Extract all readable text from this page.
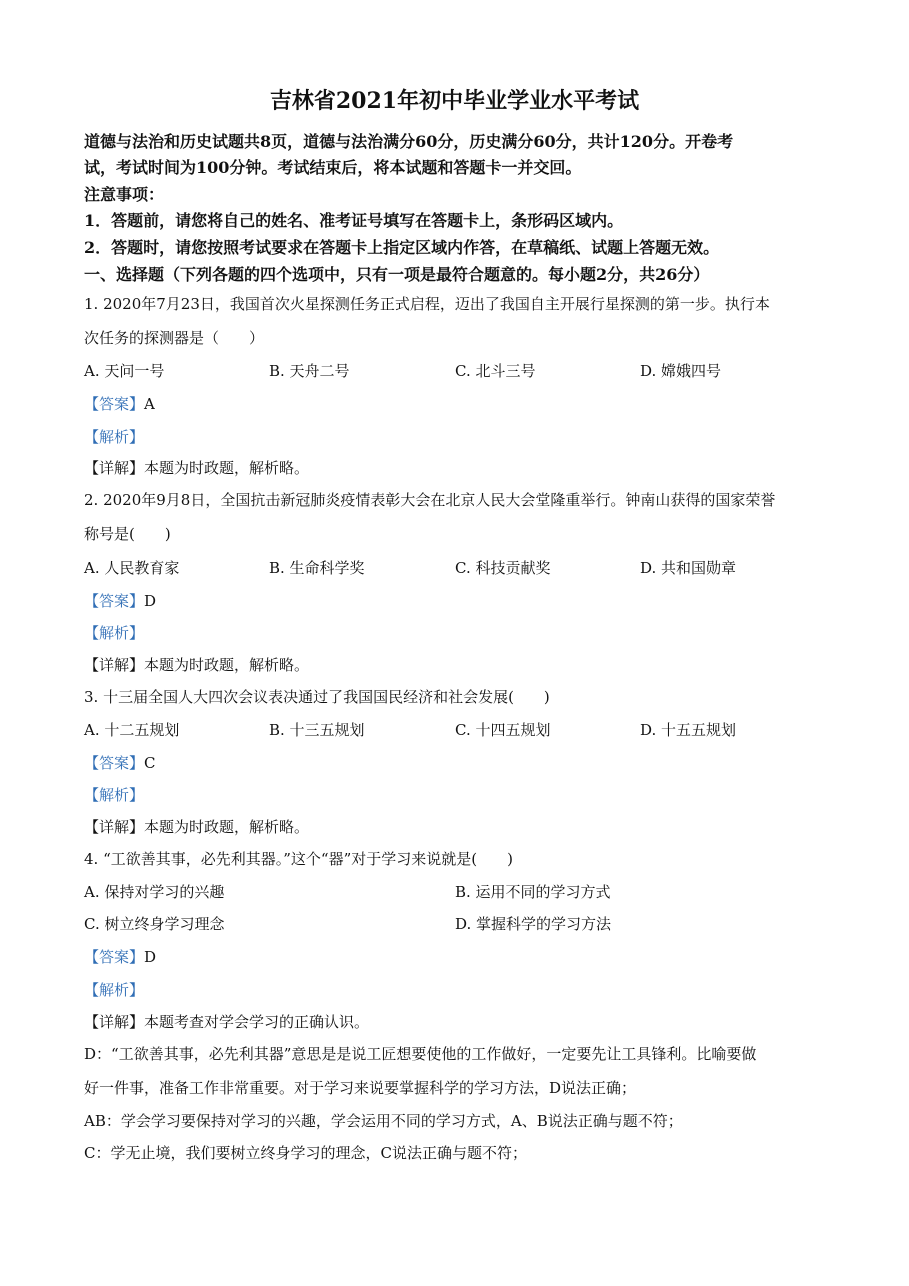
吉林省2021年初中毕业学业水平考试
道德与法治和历史试题共8页，道德与法治满分60分，历史满分60分，共计120分。开卷考
试，考试时间为100分钟。考试结束后，将本试题和答题卡一并交回。
注意事项：
1．答题前，请您将自己的姓名、准考证号填写在答题卡上，条形码区域内。
2．答题时，请您按照考试要求在答题卡上指定区域内作答，在草稿纸、试题上答题无效。
一、选择题（下列各题的四个选项中，只有一项是最符合题意的。每小题2分，共26分）
1. 2020年7月23日，我国首次火星探测任务正式启程，迈出了我国自主开展行星探测的第一步。执行本
次任务的探测器是（　　）
A. 天问一号	B. 天舟二号	C. 北斗三号	D. 嫦娥四号
【答案】A
【解析】
【详解】本题为时政题，解析略。
2. 2020年9月8日，全国抗击新冠肺炎疫情表彰大会在北京人民大会堂隆重举行。钟南山获得的国家荣誉
称号是(　　)
A. 人民教育家	B. 生命科学奖	C. 科技贡献奖	D. 共和国勋章
【答案】D
【解析】
【详解】本题为时政题，解析略。
3. 十三届全国人大四次会议表决通过了我国国民经济和社会发展(　　)
A. 十二五规划	B. 十三五规划	C. 十四五规划	D. 十五五规划
【答案】C
【解析】
【详解】本题为时政题，解析略。
4. “工欲善其事，必先利其器。”这个“器”对于学习来说就是(　　)
A. 保持对学习的兴趣	B. 运用不同的学习方式
C. 树立终身学习理念	D. 掌握科学的学习方法
【答案】D
【解析】
【详解】本题考查对学会学习的正确认识。
D：“工欲善其事，必先利其器”意思是是说工匠想要使他的工作做好，一定要先让工具锋利。比喻要做
好一件事，准备工作非常重要。对于学习来说要掌握科学的学习方法，D说法正确；
AB：学会学习要保持对学习的兴趣，学会运用不同的学习方式，A、B说法正确与题不符；
C：学无止境，我们要树立终身学习的理念，C说法正确与题不符；
